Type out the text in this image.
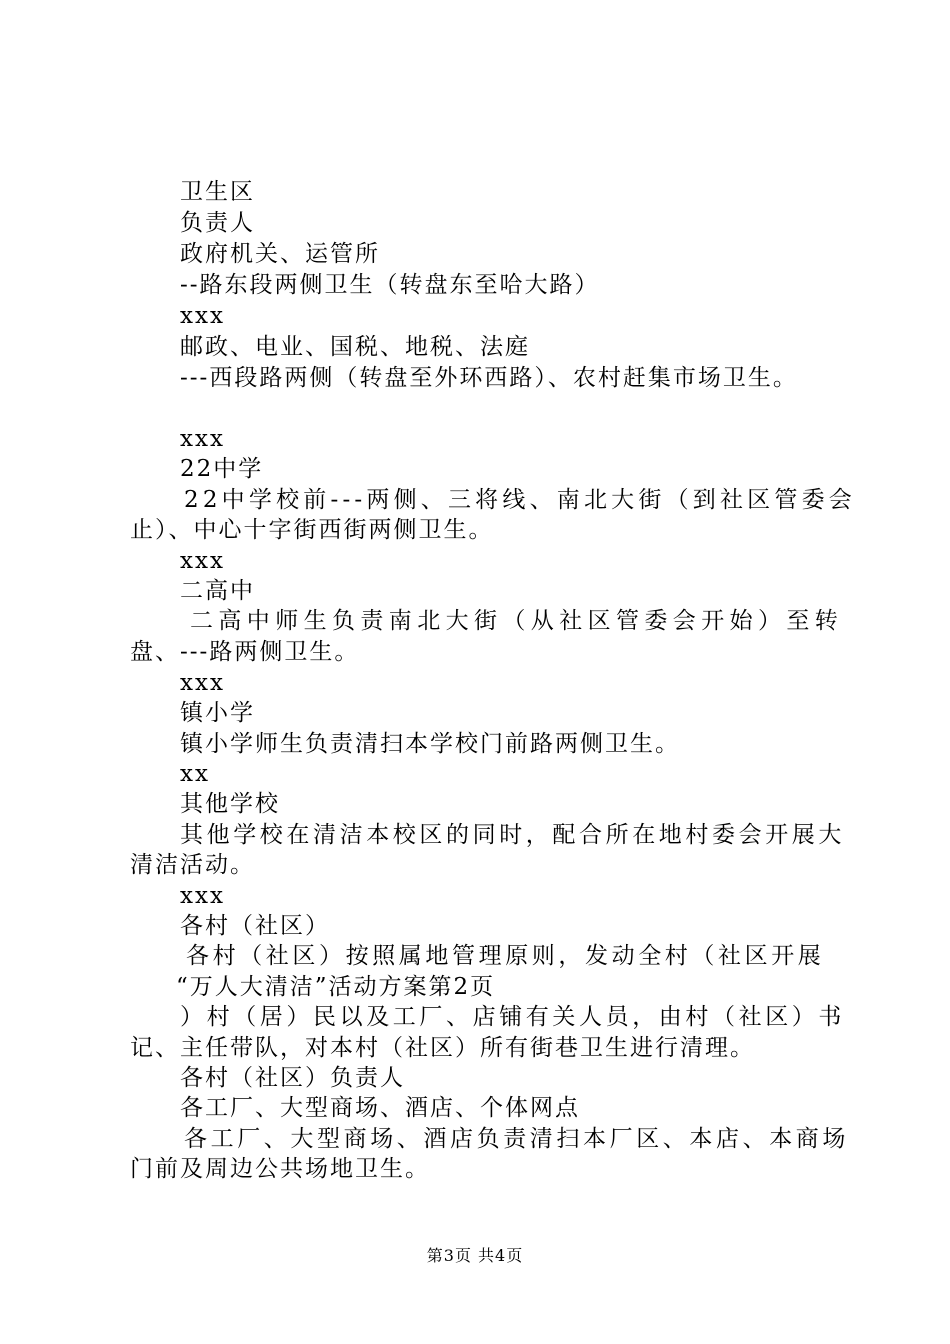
卫生区
负责人
政府机关、运管所
--路东段两侧卫生（转盘东至哈大路）
xxx
邮政、电业、国税、地税、法庭
---西段路两侧（转盘至外环西路）、农村赶集市场卫生。
xxx
22中学
22中学校前---两侧、三将线、南北大街（到社区管委会
止）、中心十字街西街两侧卫生。
xxx
二高中
二高中师生负责南北大街（从社区管委会开始）至转
盘、---路两侧卫生。
xxx
镇小学
镇小学师生负责清扫本学校门前路两侧卫生。
xx
其他学校
其他学校在清洁本校区的同时，配合所在地村委会开展大
清洁活动。
xxx
各村（社区）
各村（社区）按照属地管理原则，发动全村（社区开展
“万人大清洁”活动方案第2页
）村（居）民以及工厂、店铺有关人员，由村（社区）书
记、主任带队，对本村（社区）所有街巷卫生进行清理。
各村（社区）负责人
各工厂、大型商场、酒店、个体网点
各工厂、大型商场、酒店负责清扫本厂区、本店、本商场
门前及周边公共场地卫生。
第3页 共4页
